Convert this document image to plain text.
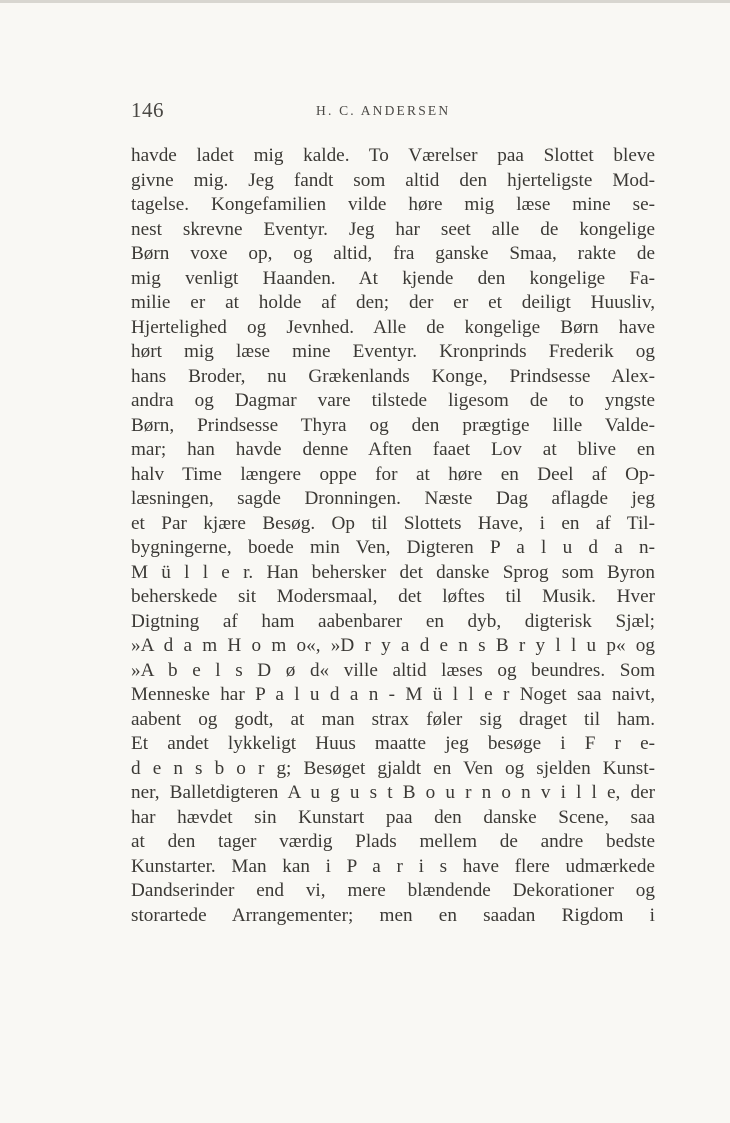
146	H. C. ANDERSEN
havde ladet mig kalde. To Værelser paa Slottet bleve
givne mig. Jeg fandt som altid den hjerteligste Mod-
tagelse. Kongefamilien vilde høre mig læse mine se-
nest skrevne Eventyr. Jeg har seet alle de kongelige
Børn voxe op, og altid, fra ganske Smaa, rakte de
mig venligt Haanden. At kjende den kongelige Fa-
milie er at holde af den; der er et deiligt Huusliv,
Hjertelighed og Jevnhed. Alle de kongelige Børn have
hørt mig læse mine Eventyr. Kronprinds Frederik og
hans Broder, nu Grækenlands Konge, Prindsesse Alex-
andra og Dagmar vare tilstede ligesom de to yngste
Børn, Prindsesse Thyra og den prægtige lille Valde-
mar; han havde denne Aften faaet Lov at blive en
halv Time længere oppe for at høre en Deel af Op-
læsningen, sagde Dronningen. Næste Dag aflagde jeg
et Par kjære Besøg. Op til Slottets Have, i en af Til-
bygningerne, boede min Ven, Digteren P a l u d a n-
M ü l l e r. Han behersker det danske Sprog som Byron
beherskede sit Modersmaal, det løftes til Musik. Hver
Digtning af ham aabenbarer en dyb, digterisk Sjæl;
»A d a m H o m o«, »D r y a d e n s B r y l l u p« og
»A b e l s D ø d« ville altid læses og beundres. Som
Menneske har P a l u d a n - M ü l l e r Noget saa naivt,
aabent og godt, at man strax føler sig draget til ham.
Et andet lykkeligt Huus maatte jeg besøge i F r e-
d e n s b o r g; Besøget gjaldt en Ven og sjelden Kunst-
ner, Balletdigteren A u g u s t B o u r n o n v i l l e, der
har hævdet sin Kunstart paa den danske Scene, saa
at den tager værdig Plads mellem de andre bedste
Kunstarter. Man kan i P a r i s have flere udmærkede
Dandserinder end vi, mere blændende Dekorationer og
storartede Arrangementer; men en saadan Rigdom i
